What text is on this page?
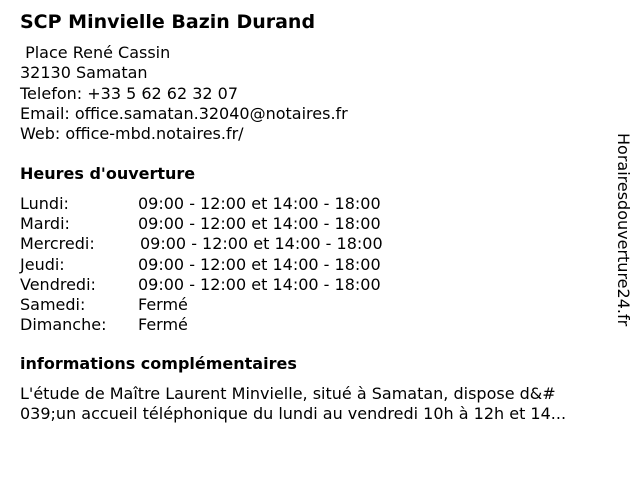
SCP Minvielle Bazin Durand
Place René Cassin
32130 Samatan
Telefon: +33 5 62 62 32 07
Email: office.samatan.32040@notaires.fr
Web: office-mbd.notaires.fr/
Heures d'ouverture
Lundi:	09:00 - 12:00 et 14:00 - 18:00
Mardi:	09:00 - 12:00 et 14:00 - 18:00
Mercredi:	09:00 - 12:00 et 14:00 - 18:00
Jeudi:	09:00 - 12:00 et 14:00 - 18:00
Vendredi:	09:00 - 12:00 et 14:00 - 18:00
Samedi:	Fermé
Dimanche: Fermé
informations complémentaires
L'étude de Maître Laurent Minvielle, situé à Samatan, dispose d&#
039;un accueil téléphonique du lundi au vendredi 10h à 12h et 14...
Horairesdouverture24.fr
